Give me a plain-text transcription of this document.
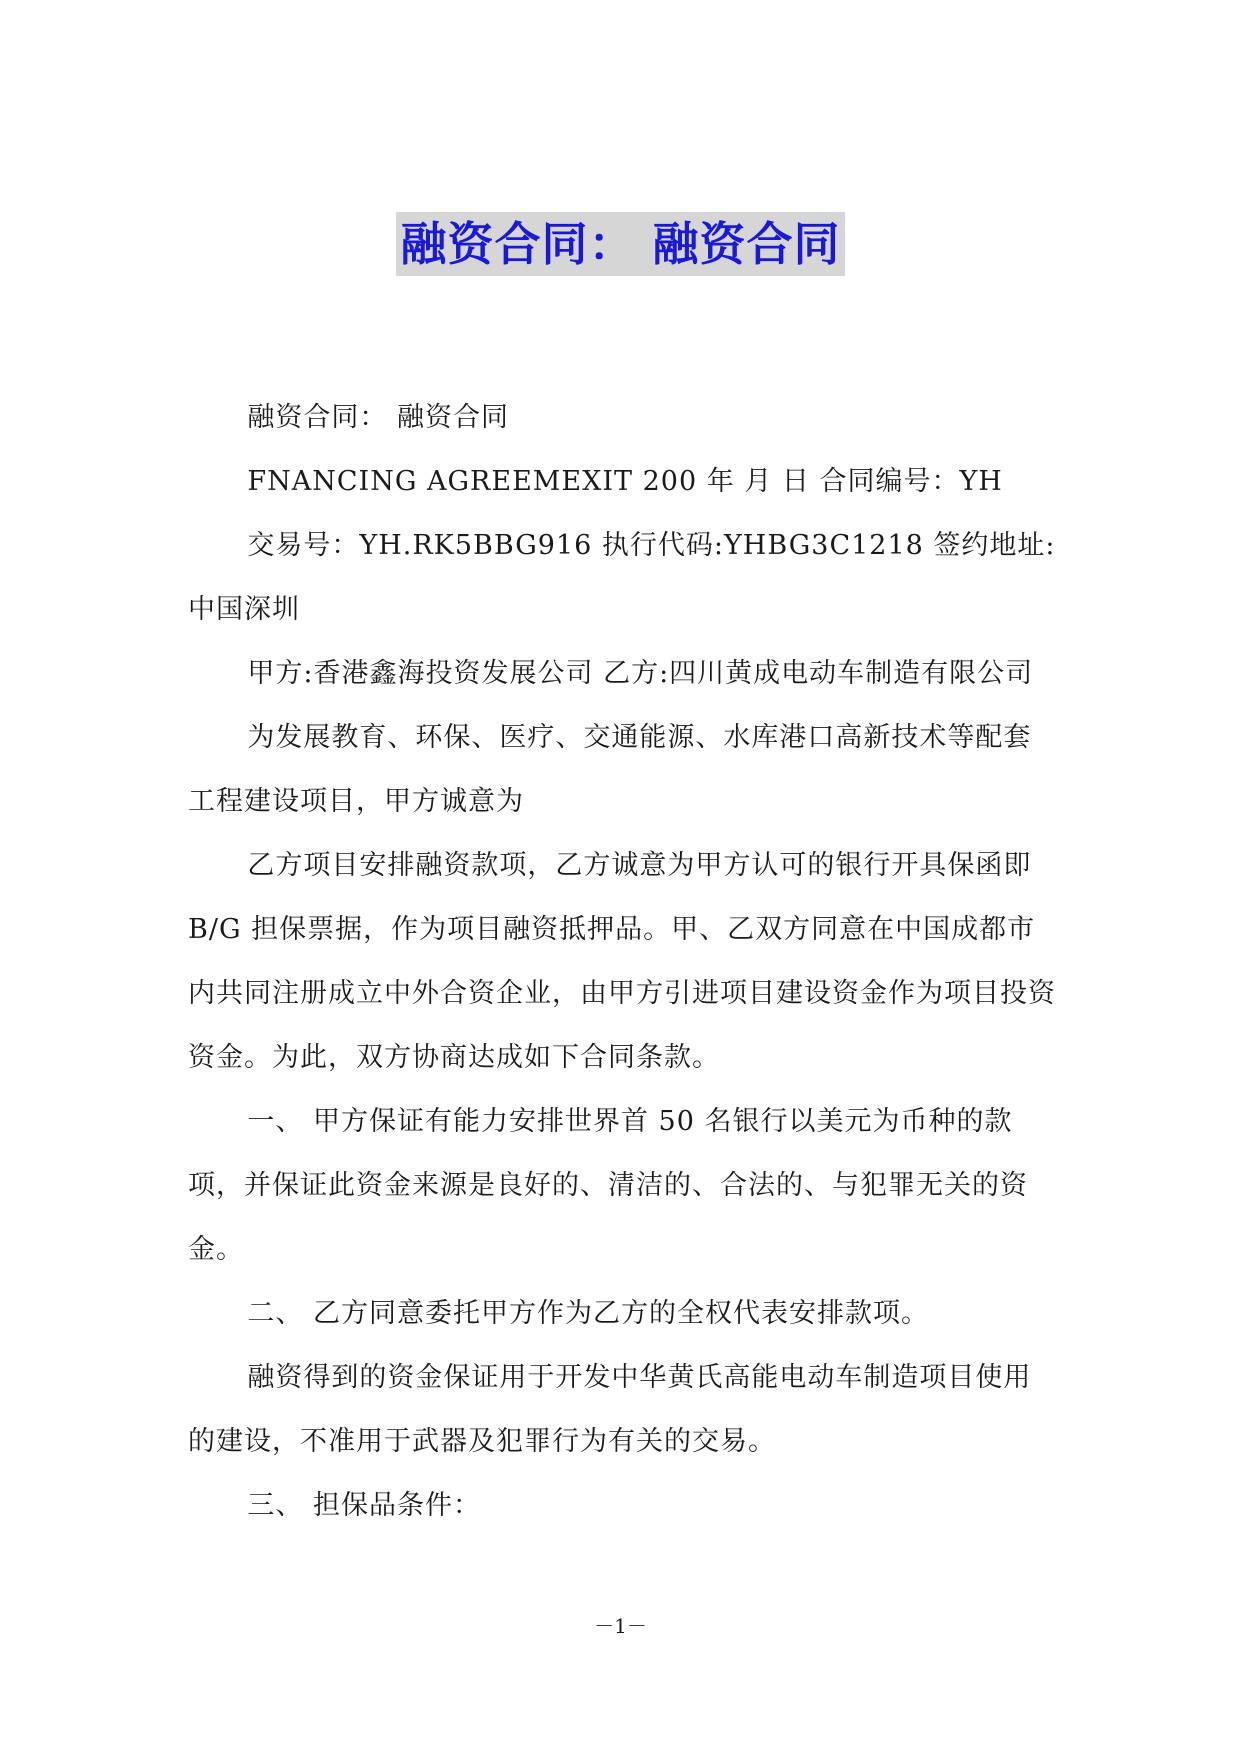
融资合同： 融资合同

融资合同： 融资合同

FNANCING AGREEMEXIT 200 年 月 日 合同编号：YH

交易号：YH.RK5BBG916 执行代码:YHBG3C1218 签约地址:中国深圳

甲方:香港鑫海投资发展公司 乙方:四川黄成电动车制造有限公司

为发展教育、环保、医疗、交通能源、水库港口高新技术等配套工程建设项目，甲方诚意为

乙方项目安排融资款项，乙方诚意为甲方认可的银行开具保函即 B/G 担保票据，作为项目融资抵押品。甲、乙双方同意在中国成都市内共同注册成立中外合资企业，由甲方引进项目建设资金作为项目投资资金。为此，双方协商达成如下合同条款。

一、 甲方保证有能力安排世界首 50 名银行以美元为币种的款项，并保证此资金来源是良好的、清洁的、合法的、与犯罪无关的资金。

二、 乙方同意委托甲方作为乙方的全权代表安排款项。

融资得到的资金保证用于开发中华黄氏高能电动车制造项目使用的建设，不准用于武器及犯罪行为有关的交易。

三、 担保品条件：

－1－
